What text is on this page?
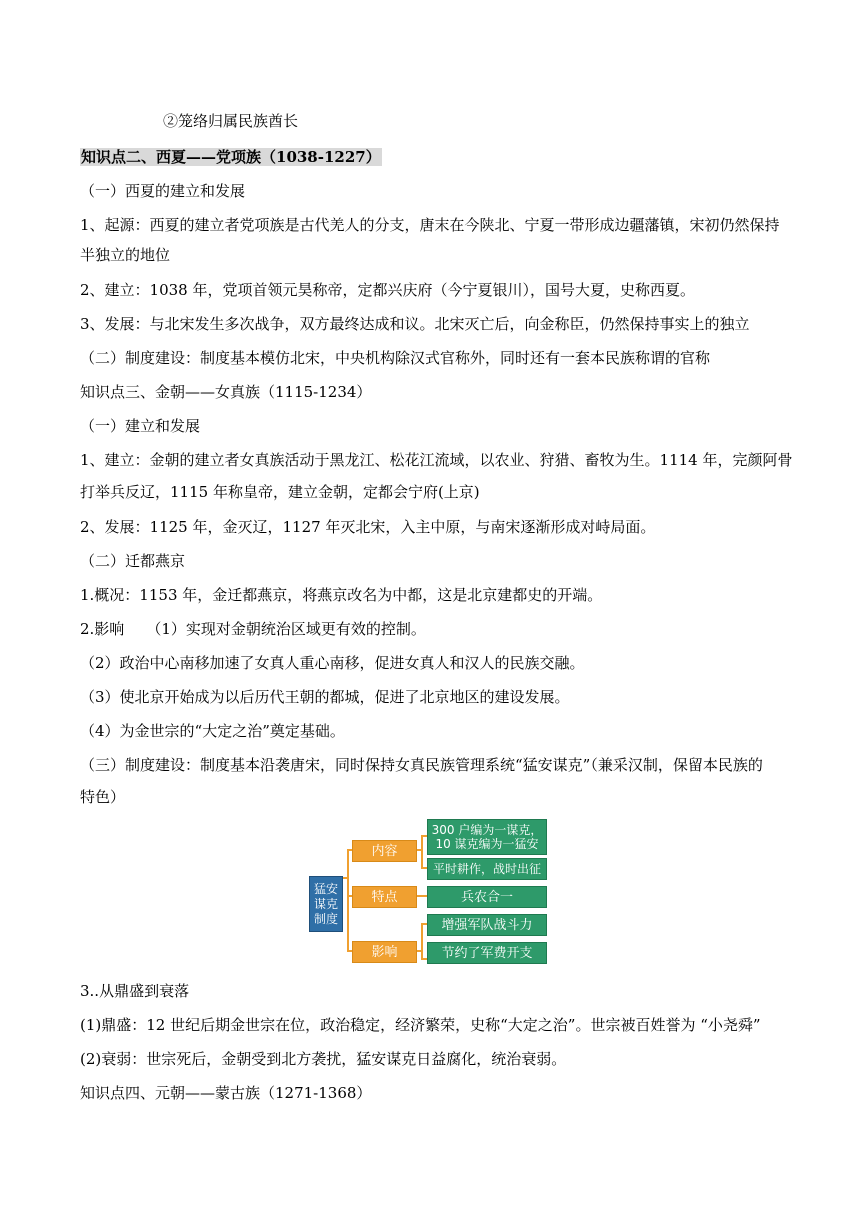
②笼络归属民族酋长
知识点二、西夏——党项族（1038-1227）
（一）西夏的建立和发展
1、起源：西夏的建立者党项族是古代羌人的分支，唐末在今陕北、宁夏一带形成边疆藩镇，宋初仍然保持
半独立的地位
2、建立：1038 年，党项首领元昊称帝，定都兴庆府（今宁夏银川），国号大夏，史称西夏。
3、发展：与北宋发生多次战争，双方最终达成和议。北宋灭亡后，向金称臣，仍然保持事实上的独立
（二）制度建设：制度基本模仿北宋，中央机构除汉式官称外，同时还有一套本民族称谓的官称
知识点三、金朝——女真族（1115-1234）
（一）建立和发展
1、建立：金朝的建立者女真族活动于黑龙江、松花江流域，以农业、狩猎、畜牧为生。1114 年，完颜阿骨
打举兵反辽，1115 年称皇帝，建立金朝，定都会宁府(上京)
2、发展：1125 年，金灭辽，1127 年灭北宋，入主中原，与南宋逐渐形成对峙局面。
（二）迁都燕京
1.概况：1153 年，金迁都燕京，将燕京改名为中都，这是北京建都史的开端。
2.影响 （1）实现对金朝统治区域更有效的控制。
（2）政治中心南移加速了女真人重心南移，促进女真人和汉人的民族交融。
（3）使北京开始成为以后历代王朝的都城，促进了北京地区的建设发展。
（4）为金世宗的“大定之治”奠定基础。
（三）制度建设：制度基本沿袭唐宋，同时保持女真民族管理系统“猛安谋克”（兼采汉制，保留本民族的
特色）
猛安
谋克
制度
内容
特点
影响
300 户编为一谋克，
10 谋克编为一猛安
平时耕作，战时出征
兵农合一
增强军队战斗力
节约了军费开支
3..从鼎盛到衰落
(1)鼎盛：12 世纪后期金世宗在位，政治稳定，经济繁荣，史称“大定之治”。世宗被百姓誉为 “小尧舜”
(2)衰弱：世宗死后，金朝受到北方袭扰，猛安谋克日益腐化，统治衰弱。
知识点四、元朝——蒙古族（1271-1368）
